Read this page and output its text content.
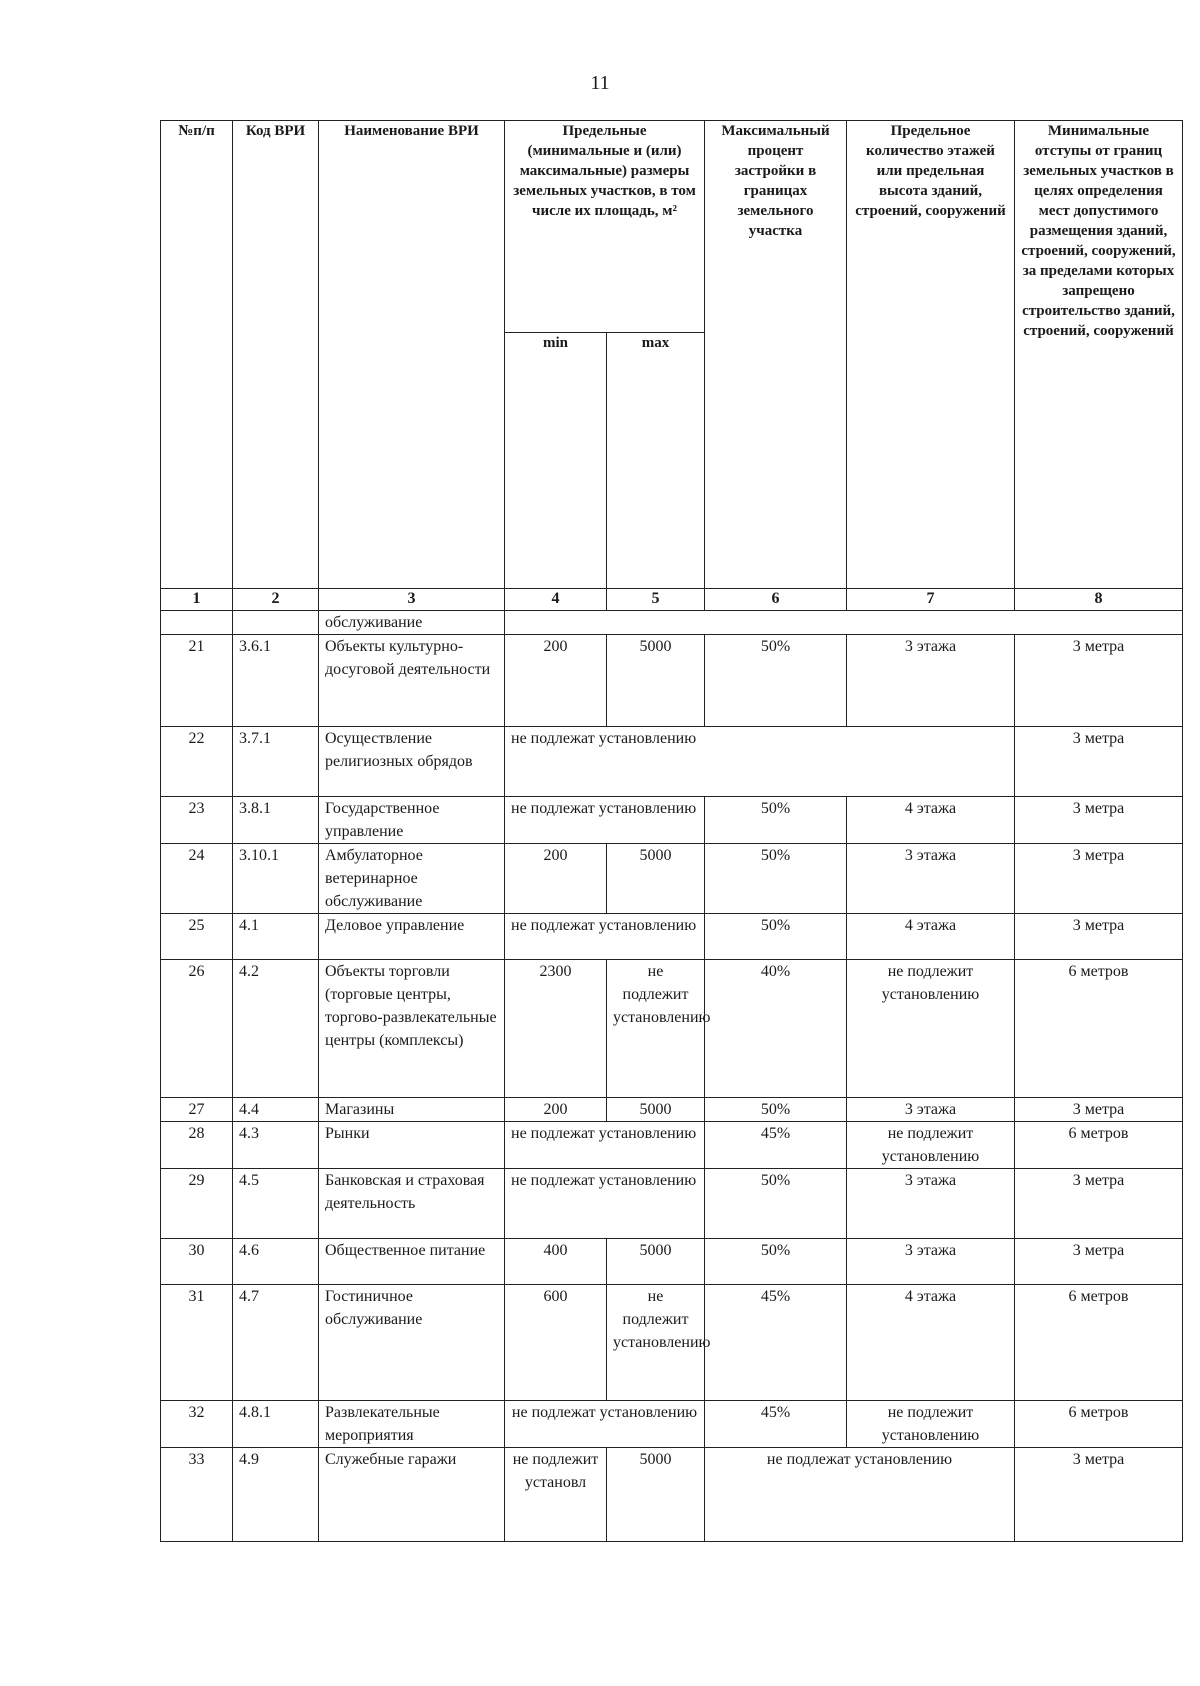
11
№п/п	Код ВРИ	Наименование ВРИ	Предельные (минимальные и (или) максимальные) размеры земельных участков, в том числе их площадь, м²		Максимальный процент застройки в границах земельного участка	Предельное количество этажей или предельная высота зданий, строений, сооружений	Минимальные отступы от границ земельных участков в целях определения мест допустимого размещения зданий, строений, сооружений, за пределами которых запрещено строительство зданий, строений, сооружений
			min	max			
1	2	3	4	5	6	7	8
		обслуживание					
21	3.6.1	Объекты культурно-досуговой деятельности	200	5000	50%	3 этажа	3 метра
22	3.7.1	Осуществление религиозных обрядов	не подлежат установлению				3 метра
23	3.8.1	Государственное управление	не подлежат установлению		50%	4 этажа	3 метра
24	3.10.1	Амбулаторное ветеринарное обслуживание	200	5000	50%	3 этажа	3 метра
25	4.1	Деловое управление	не подлежат установлению		50%	4 этажа	3 метра
26	4.2	Объекты торговли (торговые центры, торгово-развлекательные центры (комплексы)	2300	не подлежит установлению	40%	не подлежит установлению	6 метров
27	4.4	Магазины	200	5000	50%	3 этажа	3 метра
28	4.3	Рынки	не подлежат установлению		45%	не подлежит установлению	6 метров
29	4.5	Банковская и страховая деятельность	не подлежат установлению		50%	3 этажа	3 метра
30	4.6	Общественное питание	400	5000	50%	3 этажа	3 метра
31	4.7	Гостиничное обслуживание	600	не подлежит установлению	45%	4 этажа	6 метров
32	4.8.1	Развлекательные мероприятия	не подлежат установлению		45%	не подлежит установлению	6 метров
33	4.9	Служебные гаражи	не подлежит установл	5000	не подлежат установлению		3 метра
